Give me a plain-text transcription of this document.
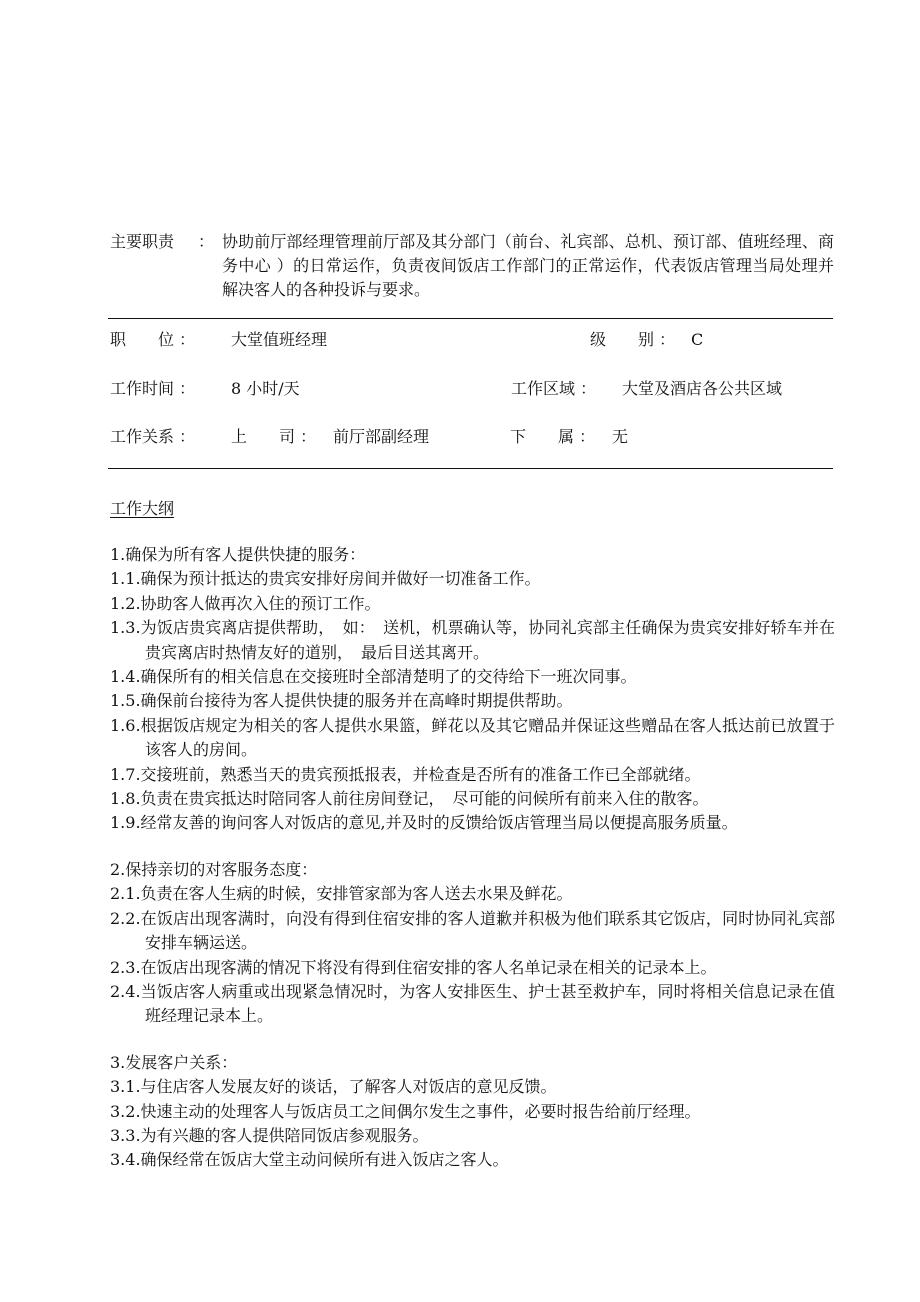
主要职责 ： 协助前厅部经理管理前厅部及其分部门（前台、礼宾部、总机、预订部、值班经理、商务中心 ）的日常运作，负责夜间饭店工作部门的正常运作，代表饭店管理当局处理并解决客人的各种投诉与要求。
职　　位 ： 大堂值班经理	级　　别 ： C
工作时间 ： 8 小时/天	工作区域 ： 大堂及酒店各公共区域
工作关系 ： 上　　司 ： 前厅部副经理	下　　属 ： 无
工作大纲
1.确保为所有客人提供快捷的服务：
1.1.确保为预计抵达的贵宾安排好房间并做好一切准备工作。
1.2.协助客人做再次入住的预订工作。
1.3.为饭店贵宾离店提供帮助，　如：　送机，机票确认等，协同礼宾部主任确保为贵宾安排好轿车并在贵宾离店时热情友好的道别，　最后目送其离开。
1.4.确保所有的相关信息在交接班时全部清楚明了的交待给下一班次同事。
1.5.确保前台接待为客人提供快捷的服务并在高峰时期提供帮助。
1.6.根据饭店规定为相关的客人提供水果篮，鲜花以及其它赠品并保证这些赠品在客人抵达前已放置于该客人的房间。
1.7.交接班前，熟悉当天的贵宾预抵报表，并检查是否所有的准备工作已全部就绪。
1.8.负责在贵宾抵达时陪同客人前往房间登记，　尽可能的问候所有前来入住的散客。
1.9.经常友善的询问客人对饭店的意见,并及时的反馈给饭店管理当局以便提高服务质量。
2.保持亲切的对客服务态度：
2.1.负责在客人生病的时候，安排管家部为客人送去水果及鲜花。
2.2.在饭店出现客满时，向没有得到住宿安排的客人道歉并积极为他们联系其它饭店，同时协同礼宾部安排车辆运送。
2.3.在饭店出现客满的情况下将没有得到住宿安排的客人名单记录在相关的记录本上。
2.4.当饭店客人病重或出现紧急情况时，为客人安排医生、护士甚至救护车，同时将相关信息记录在值班经理记录本上。
3.发展客户关系：
3.1.与住店客人发展友好的谈话，了解客人对饭店的意见反馈。
3.2.快速主动的处理客人与饭店员工之间偶尔发生之事件，必要时报告给前厅经理。
3.3.为有兴趣的客人提供陪同饭店参观服务。
3.4.确保经常在饭店大堂主动问候所有进入饭店之客人。
